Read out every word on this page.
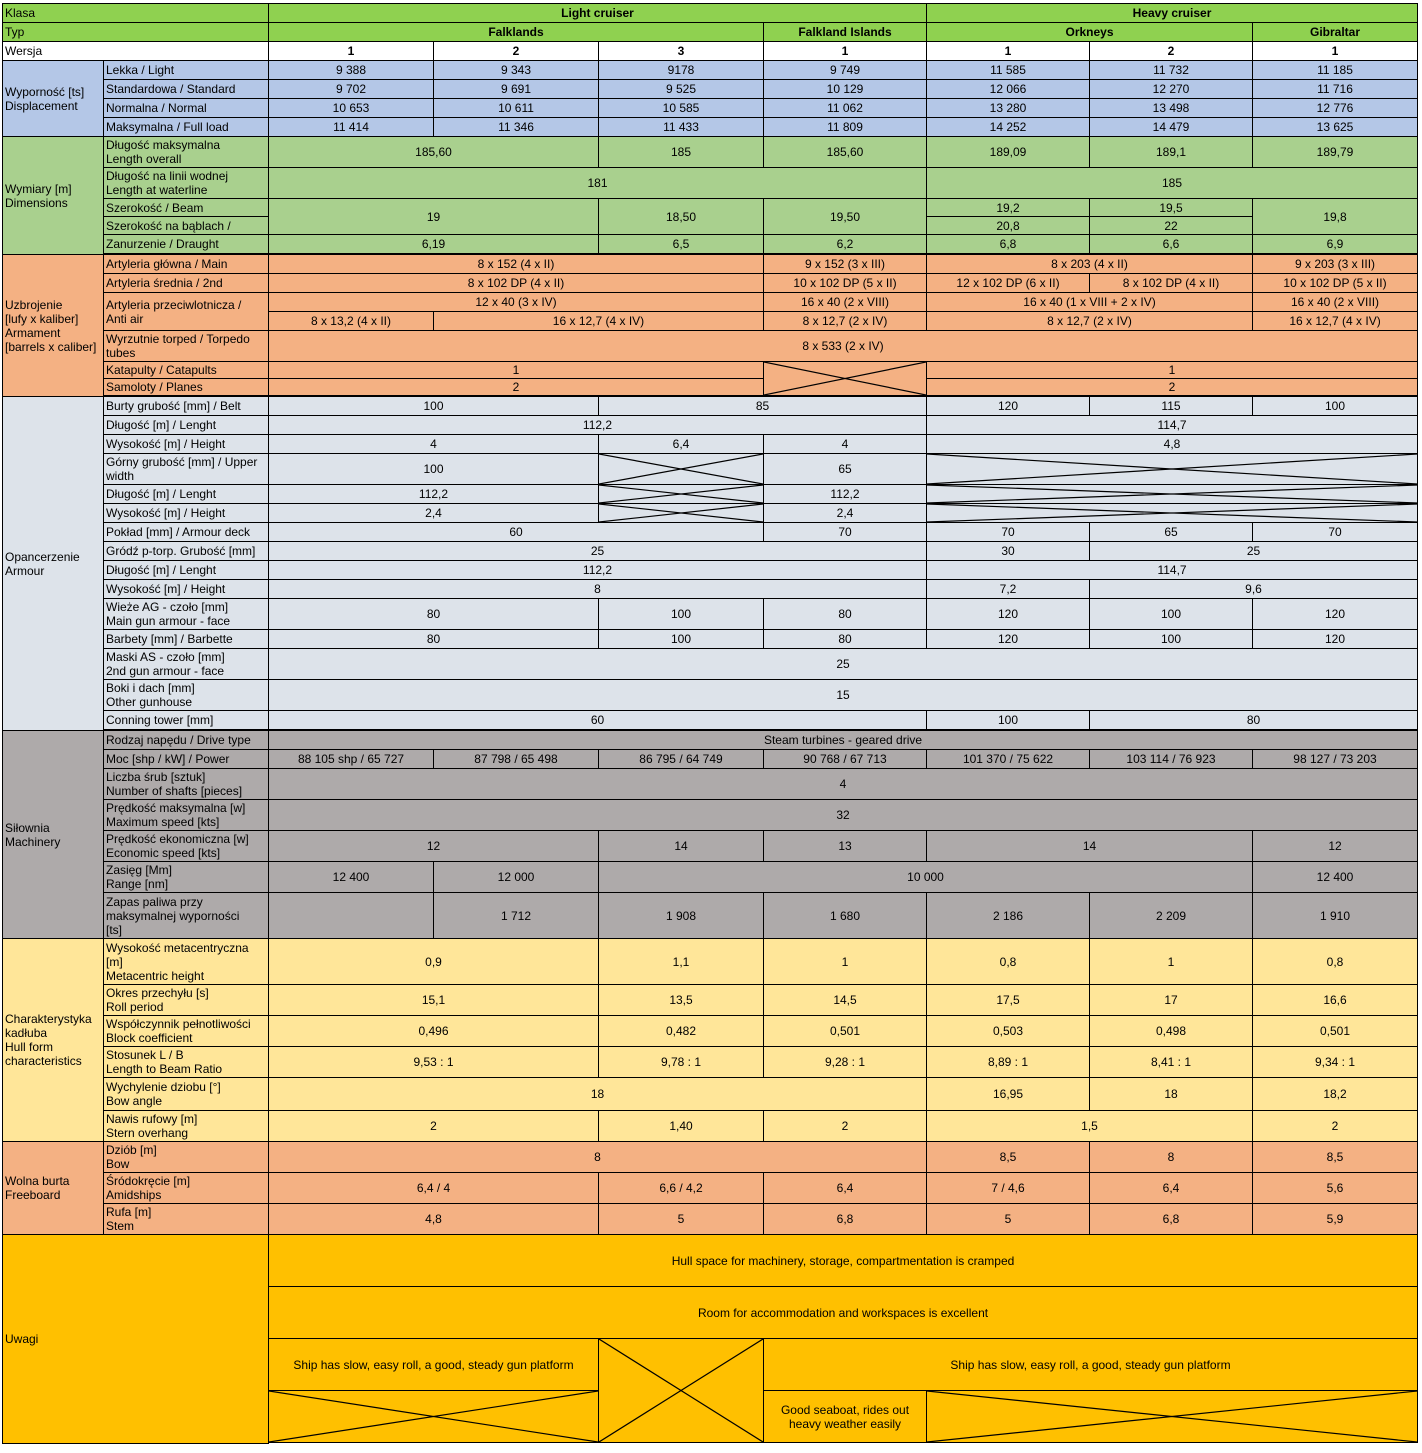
Klasa		Light cruiser				Heavy cruiser		
Typ		Falklands			Falkland Islands	Orkneys		Gibraltar
Wersja		1	2	3	1	1	2	1
Wyporność [ts]
Displacement	Lekka / Light	9 388	9 343	9178	9 749	11 585	11 732	11 185
	Standardowa / Standard	9 702	9 691	9 525	10 129	12 066	12 270	11 716
	Normalna / Normal	10 653	10 611	10 585	11 062	13 280	13 498	12 776
	Maksymalna / Full load	11 414	11 346	11 433	11 809	14 252	14 479	13 625
Wymiary [m]
Dimensions	Długość maksymalna
Length overall	185,60		185	185,60	189,09	189,1	189,79
	Długość na linii wodnej
Length at waterline	181				185		
	Szerokość / Beam	19		18,50	19,50	19,2	19,5	19,8
	Szerokość na bąblach /					20,8	22	
	Zanurzenie / Draught	6,19		6,5	6,2	6,8	6,6	6,9

Uzbrojenie
[lufy x kaliber]
Armament
[barrels x caliber]	Artyleria główna / Main	8 x 152 (4 x II)			9 x 152 (3 x III)	8 x 203 (4 x II)		9 x 203 (3 x III)
	Artyleria średnia / 2nd	8 x 102 DP (4 x II)			10 x 102 DP (5 x II)	12 x 102 DP (6 x II)	8 x 102 DP (4 x II)	10 x 102 DP (5 x II)
	Artyleria przeciwlotnicza /
Anti air	12 x 40 (3 x IV)			16 x 40 (2 x VIII)	16 x 40 (1 x VIII + 2 x IV)		16 x 40 (2 x VIII)
		8 x 13,2 (4 x II)	16 x 12,7 (4 x IV)		8 x 12,7 (2 x IV)	8 x 12,7 (2 x IV)		16 x 12,7 (4 x IV)
	Wyrzutnie torped / Torpedo
tubes	8 x 533 (2 x IV)						
	Katapulty / Catapults	1				1		
	Samoloty / Planes	2				2		

Opancerzenie
Armour	Burty grubość [mm] / Belt	100		85		120	115	100
	Długość [m] / Lenght	112,2				114,7		
	Wysokość [m] / Height	4		6,4	4	4,8		
	Górny grubość [mm] / Upper
width	100			65	

	Długość [m] / Lenght	112,2			112,2	

	Wysokość [m] / Height	2,4			2,4	

	Pokład [mm] / Armour deck	60			70	70	65	70
	Gródź p-torp. Grubość [mm]	25				30	25	
	Długość [m] / Lenght	112,2				114,7		
	Wysokość [m] / Height	8				7,2	9,6	
	Wieże AG - czoło [mm]
Main gun armour - face	80		100	80	120	100	120
	Barbety [mm] / Barbette	80		100	80	120	100	120
	Maski AS - czoło [mm]
2nd gun armour - face	25						
	Boki i dach [mm]
Other gunhouse	15						
	Conning tower [mm]	60				100	80	

Siłownia
Machinery	Rodzaj napędu / Drive type	Steam turbines - geared drive						
	Moc [shp / kW] / Power	88 105 shp / 65 727	87 798 / 65 498	86 795 / 64 749	90 768 / 67 713	101 370 / 75 622	103 114 / 76 923	98 127 / 73 203
	Liczba śrub [sztuk]
Number of shafts [pieces]	4						
	Prędkość maksymalna [w]
Maximum speed [kts]	32						
	Prędkość ekonomiczna [w]
Economic speed [kts]	12		14	13	14		12
	Zasięg [Mm]
Range [nm]	12 400	12 000	10 000				12 400
	Zapas paliwa przy
maksymalnej wyporności
[ts]		1 712	1 908	1 680	2 186	2 209	1 910
Charakterystyka
kadłuba
Hull form
characteristics	Wysokość metacentryczna
[m]
Metacentric height	0,9		1,1	1	0,8	1	0,8
	Okres przechyłu [s]
Roll period	15,1		13,5	14,5	17,5	17	16,6
	Współczynnik pełnotliwości
Block coefficient	0,496		0,482	0,501	0,503	0,498	0,501
	Stosunek L / B
Length to Beam Ratio	9,53 : 1		9,78 : 1	9,28 : 1	8,89 : 1	8,41 : 1	9,34 : 1
	Wychylenie dziobu [°]
Bow angle	18				16,95	18	18,2
	Nawis rufowy [m]
Stern overhang	2		1,40	2	1,5		2
Wolna burta
Freeboard	Dziób [m]
Bow	8				8,5	8	8,5
	Śródokręcie [m]
Amidships	6,4 / 4		6,6 / 4,2	6,4	7 / 4,6	6,4	5,6
	Rufa [m]
Stem	4,8		5	6,8	5	6,8	5,9
Uwagi		Hull space for machinery, storage, compartmentation is cramped						
		Room for accommodation and workspaces is excellent						
		Ship has slow, easy roll, a good, steady gun platform			Ship has slow, easy roll, a good, steady gun platform			

	Good seaboat, rides out
heavy weather easily	
